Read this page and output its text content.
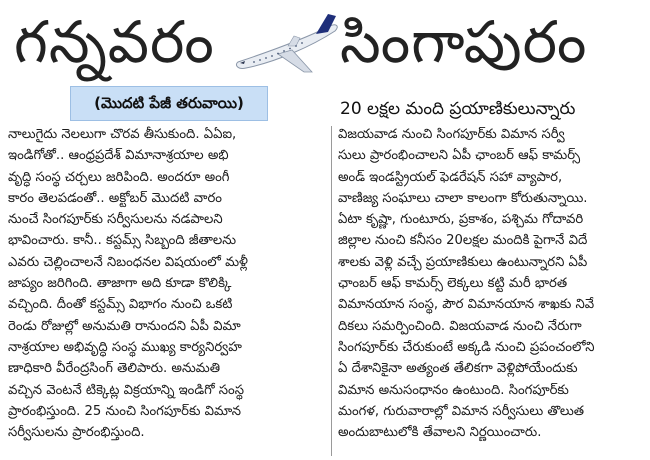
గన్నవరం సింగాపురం
(మొదటి పేజీ తరువాయి)	20 లక్షల మంది ప్రయాణికులున్నారు
నాలుగైదు నెలలుగా చొరవ తీసుకుంది. ఏఏఐ,
ఇండిగోతో.. ఆంధ్రప్రదేశ్ విమానాశ్రయాల అభి
వృద్ధి సంస్థ చర్చలు జరిపింది. అందరూ అంగీ
కారం తెలపడంతో.. అక్టోబర్ మొదటి వారం
నుంచే సింగపూర్‌కు సర్వీసులను నడపాలని
భావించారు. కానీ.. కస్టమ్స్ సిబ్బంది జీతాలను
ఎవరు చెల్లించాలనే నిబంధనల విషయంలో మళ్లీ
జాప్యం జరిగింది. తాజాగా అది కూడా కొలిక్కి
వచ్చింది. దీంతో కస్టమ్స్ విభాగం నుంచి ఒకటి
రెండు రోజుల్లో అనుమతి రానుందని ఏపీ విమా
నాశ్రయాల అభివృద్ధి సంస్థ ముఖ్య కార్యనిర్వహ
ణాధికారి వీరేంద్రసింగ్ తెలిపారు. అనుమతి
వచ్చిన వెంటనే టిక్కెట్ల విక్రయాన్ని ఇండిగో సంస్థ
ప్రారంభిస్తుంది. 25 నుంచి సింగపూర్‌కు విమాన
సర్వీసులను ప్రారంభిస్తుంది.
విజయవాడ నుంచి సింగపూర్‌కు విమాన సర్వీ
సులు ప్రారంభించాలని ఏపీ ఛాంబర్ ఆఫ్ కామర్స్
అండ్ ఇండస్ట్రియల్ ఫెడరేషన్ సహా వ్యాపార,
వాణిజ్య సంఘాలు చాలా కాలంగా కోరుతున్నాయి.
ఏటా కృష్ణా, గుంటూరు, ప్రకాశం, పశ్చిమ గోదావరి
జిల్లాల నుంచి కనీసం 20లక్షల మందికి పైగానే విదే
శాలకు వెళ్లి వచ్చే ప్రయాణికులు ఉంటున్నారని ఏపీ
ఛాంబర్ ఆఫ్ కామర్స్ లెక్కలు కట్టి మరీ భారత
విమానయాన సంస్థ, పౌర విమానయాన శాఖకు నివే
దికలు సమర్పించింది. విజయవాడ నుంచి నేరుగా
సింగపూర్‌కు చేరుకుంటే అక్కడి నుంచి ప్రపంచంలోని
ఏ దేశానికైనా అత్యంత తేలికగా వెళ్లిపోయేందుకు
విమాన అనుసంధానం ఉంటుంది. సింగపూర్‌కు
మంగళ, గురువారాల్లో విమాన సర్వీసులు తొలుత
అందుబాటులోకి తేవాలని నిర్ణయించారు.
